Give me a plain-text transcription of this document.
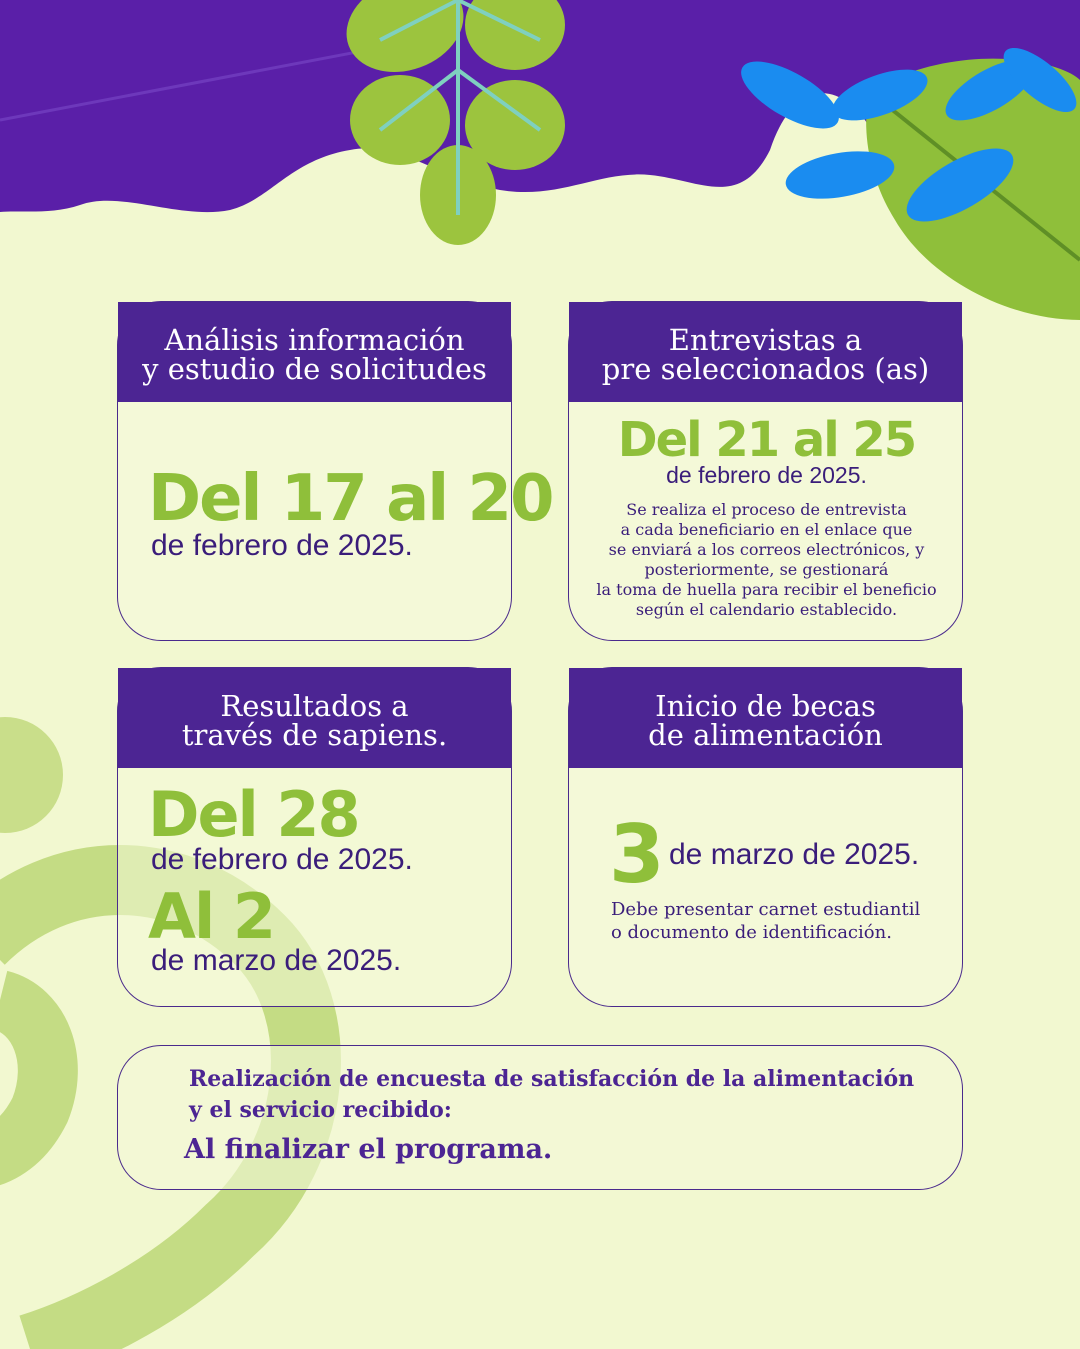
Análisis información
y estudio de solicitudes
Del 17 al 20
de febrero de 2025.
Entrevistas a
pre seleccionados (as)
Del 21 al 25
de febrero de 2025.
Se realiza el proceso de entrevista
a cada beneficiario en el enlace que
se enviará a los correos electrónicos, y
posteriormente, se gestionará
la toma de huella para recibir el beneficio
según el calendario establecido.
Resultados a
través de sapiens.
Del 28
de febrero de 2025.
Al 2
de marzo de 2025.
Inicio de becas
de alimentación
3 de marzo de 2025.
Debe presentar carnet estudiantil
o documento de identificación.
Realización de encuesta de satisfacción de la alimentación
y el servicio recibido:
Al finalizar el programa.
